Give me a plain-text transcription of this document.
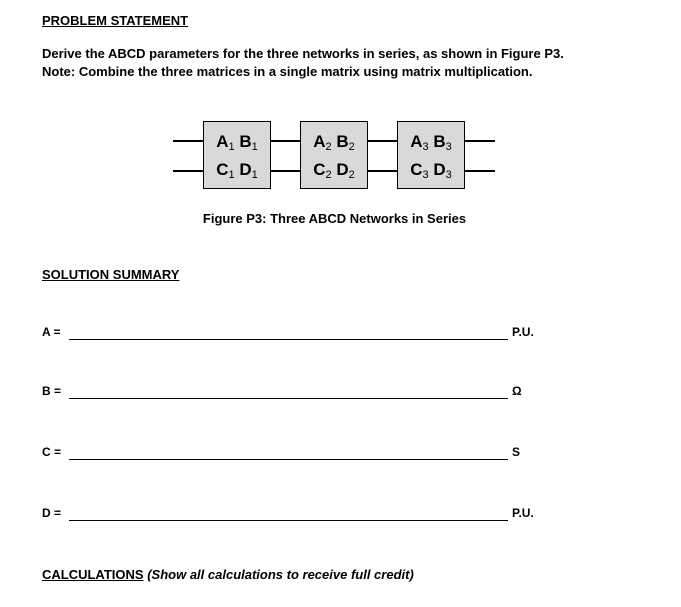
PROBLEM STATEMENT
Derive the ABCD parameters for the three networks in series, as shown in Figure P3.
Note: Combine the three matrices in a single matrix using matrix multiplication.
$A_1$ $B_1$
$C_1$ $D_1$
$A_2$ $B_2$
$C_2$ $D_2$
$A_3$ $B_3$
$C_3$ $D_3$
Figure P3: Three ABCD Networks in Series
SOLUTION SUMMARY
A =	P.U.
B =	Ω
C =	S
D =	P.U.
CALCULATIONS (Show all calculations to receive full credit)
